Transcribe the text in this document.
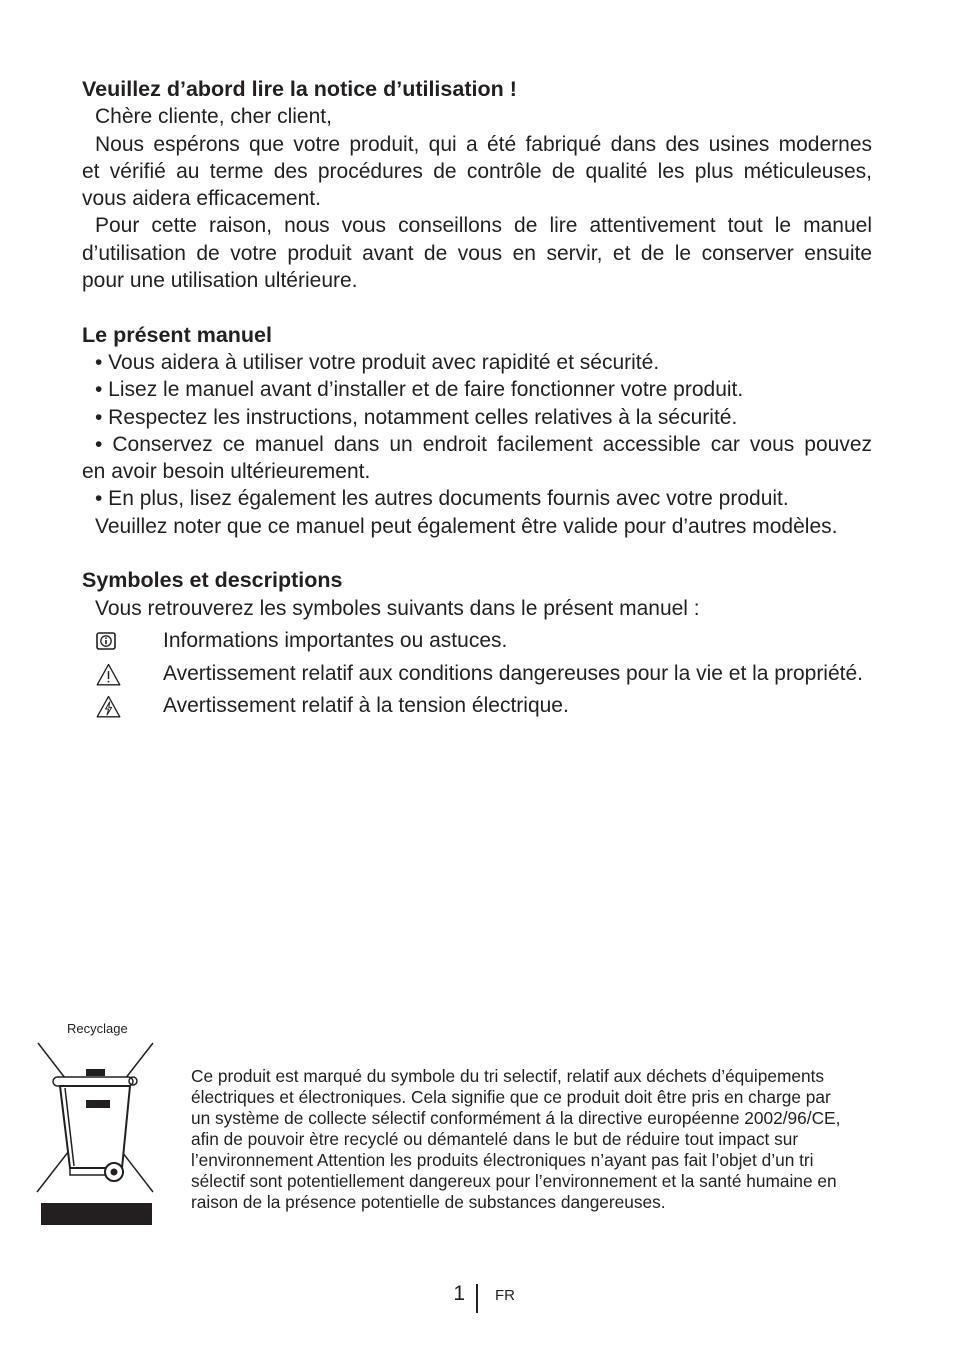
Veuillez d’abord lire la notice d’utilisation !
Chère cliente, cher client,
Nous espérons que votre produit, qui a été fabriqué dans des usines modernes
et vérifié au terme des procédures de contrôle de qualité les plus méticuleuses,
vous aidera efficacement.
Pour cette raison, nous vous conseillons de lire attentivement tout le manuel
d’utilisation de votre produit avant de vous en servir, et de le conserver ensuite
pour une utilisation ultérieure.
Le présent manuel
• Vous aidera à utiliser votre produit avec rapidité et sécurité.
• Lisez le manuel avant d’installer et de faire fonctionner votre produit.
• Respectez les instructions, notamment celles relatives à la sécurité.
• Conservez ce manuel dans un endroit facilement accessible car vous pouvez
en avoir besoin ultérieurement.
• En plus, lisez également les autres documents fournis avec votre produit.
Veuillez noter que ce manuel peut également être valide pour d’autres modèles.
Symboles et descriptions
Vous retrouverez les symboles suivants dans le présent manuel :
Informations importantes ou astuces.
Avertissement relatif aux conditions dangereuses pour la vie et la propriété.
Avertissement relatif à la tension électrique.
Recyclage
Ce produit est marqué du symbole du tri selectif, relatif aux déchets d’équipements
électriques et électroniques. Cela signifie que ce produit doit être pris en charge par
un système de collecte sélectif conformément á la directive européenne 2002/96/CE,
afin de pouvoir ètre recyclé ou démantelé dans le but de réduire tout impact sur
l’environnement Attention les produits électroniques n’ayant pas fait l’objet d’un tri
sélectif sont potentiellement dangereux pour l’environnement et la santé humaine en
raison de la présence potentielle de substances dangereuses.
1 FR
